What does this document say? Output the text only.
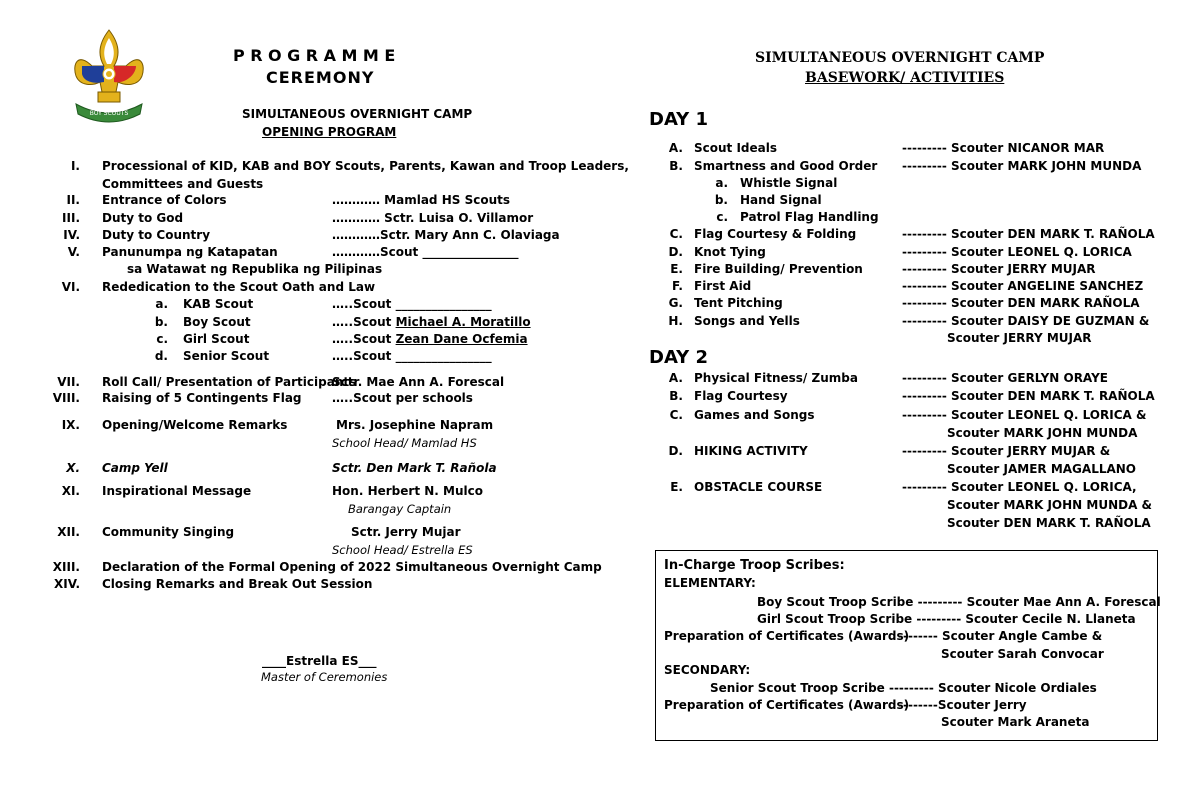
BOY SCOUTS
PROGRAMME
CEREMONY
SIMULTANEOUS OVERNIGHT CAMP
OPENING PROGRAM
I. Processional of KID, KAB and BOY Scouts, Parents, Kawan and Troop Leaders,
Committees and Guests
II. Entrance of Colors	………… Mamlad HS Scouts
III. Duty to God	………… Sctr. Luisa O. Villamor
IV. Duty to Country	…………Sctr. Mary Ann C. Olaviaga
V. Panunumpa ng Katapatan	…………Scout ________________
sa Watawat ng Republika ng Pilipinas
VI. Rededication to the Scout Oath and Law
a. KAB Scout	…..Scout ________________
b. Boy Scout	…..Scout Michael A. Moratillo
c. Girl Scout	…..Scout Zean Dane Ocfemia
d. Senior Scout	…..Scout ________________
VII. Roll Call/ Presentation of Participants
Sctr. Mae Ann A. Forescal
VIII. Raising of 5 Contingents Flag	…..Scout per schools
IX. Opening/Welcome Remarks	Mrs. Josephine Napram
School Head/ Mamlad HS
X. Camp Yell	Sctr. Den Mark T. Rañola
XI. Inspirational Message	Hon. Herbert N. Mulco
Barangay Captain
XII. Community Singing	Sctr. Jerry Mujar
School Head/ Estrella ES
XIII. Declaration of the Formal Opening of 2022 Simultaneous Overnight Camp
XIV. Closing Remarks and Break Out Session
____Estrella ES___
Master of Ceremonies
SIMULTANEOUS OVERNIGHT CAMP
BASEWORK/ ACTIVITIES
DAY 1
A. Scout Ideals	--------- Scouter NICANOR MAR
B. Smartness and Good Order --------- Scouter MARK JOHN MUNDA
a. Whistle Signal
b. Hand Signal
c. Patrol Flag Handling
C. Flag Courtesy & Folding	--------- Scouter DEN MARK T. RAÑOLA
D. Knot Tying	--------- Scouter LEONEL Q. LORICA
E. Fire Building/ Prevention	--------- Scouter JERRY MUJAR
F. First Aid	--------- Scouter ANGELINE SANCHEZ
G. Tent Pitching	--------- Scouter DEN MARK RAÑOLA
H. Songs and Yells	--------- Scouter DAISY DE GUZMAN &
Scouter JERRY MUJAR
DAY 2
A. Physical Fitness/ Zumba	--------- Scouter GERLYN ORAYE
B. Flag Courtesy	--------- Scouter DEN MARK T. RAÑOLA
C. Games and Songs	--------- Scouter LEONEL Q. LORICA &
Scouter MARK JOHN MUNDA
D. HIKING ACTIVITY	--------- Scouter JERRY MUJAR &
Scouter JAMER MAGALLANO
E. OBSTACLE COURSE	--------- Scouter LEONEL Q. LORICA,
Scouter MARK JOHN MUNDA &
Scouter DEN MARK T. RAÑOLA
In-Charge Troop Scribes:
ELEMENTARY:
Boy Scout Troop Scribe --------- Scouter Mae Ann A. Forescal
Girl Scout Troop Scribe --------- Scouter Cecile N. Llaneta
Preparation of Certificates (Awards)
-------- Scouter Angle Cambe &
Scouter Sarah Convocar
SECONDARY:
Senior Scout Troop Scribe --------- Scouter Nicole Ordiales
Preparation of Certificates (Awards)
--------Scouter Jerry
Scouter Mark Araneta
